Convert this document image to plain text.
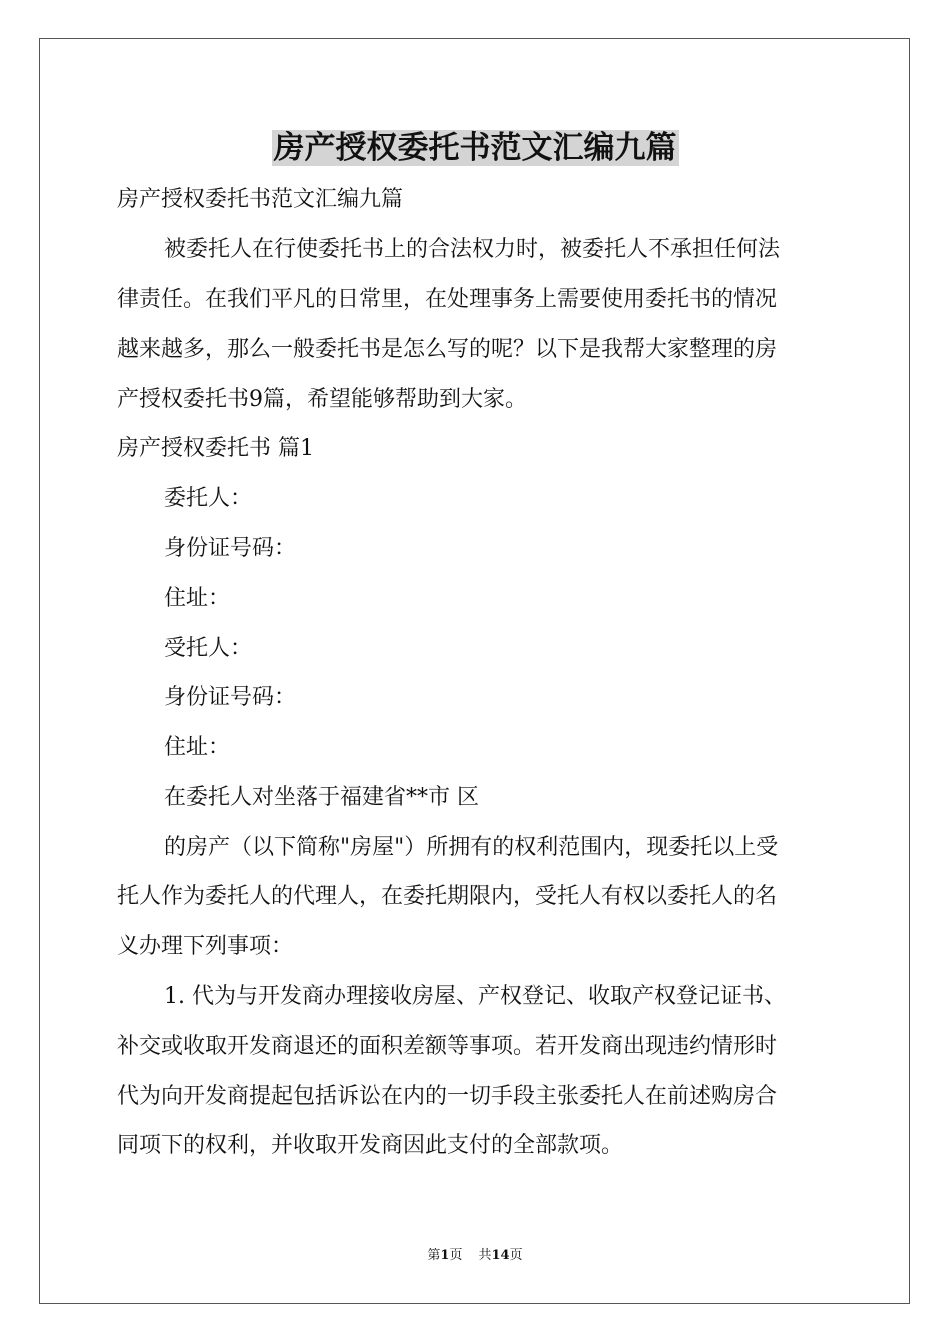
房产授权委托书范文汇编九篇
房产授权委托书范文汇编九篇
被委托人在行使委托书上的合法权力时，被委托人不承担任何法
律责任。在我们平凡的日常里，在处理事务上需要使用委托书的情况
越来越多，那么一般委托书是怎么写的呢？以下是我帮大家整理的房
产授权委托书9篇，希望能够帮助到大家。
房产授权委托书 篇1
委托人：
身份证号码：
住址：
受托人：
身份证号码：
住址：
在委托人对坐落于福建省**市 区
的房产（以下简称"房屋"）所拥有的权利范围内，现委托以上受
托人作为委托人的代理人，在委托期限内，受托人有权以委托人的名
义办理下列事项：
1. 代为与开发商办理接收房屋、产权登记、收取产权登记证书、
补交或收取开发商退还的面积差额等事项。若开发商出现违约情形时
代为向开发商提起包括诉讼在内的一切手段主张委托人在前述购房合
同项下的权利，并收取开发商因此支付的全部款项。
第1页 共14页
